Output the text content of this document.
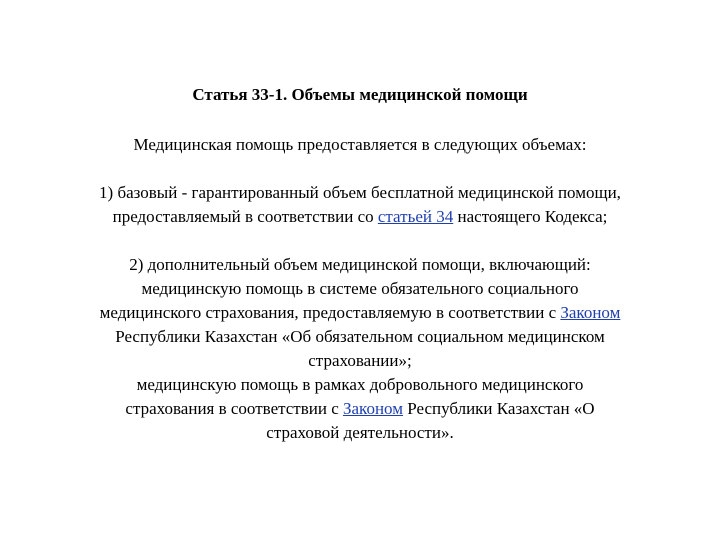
Статья 33-1. Объемы медицинской помощи

Медицинская помощь предоставляется в следующих объемах:

1) базовый - гарантированный объем бесплатной медицинской помощи,
предоставляемый в соответствии со статьей 34 настоящего Кодекса;

2) дополнительный объем медицинской помощи, включающий:
медицинскую помощь в системе обязательного социального
медицинского страхования, предоставляемую в соответствии с Законом
Республики Казахстан «Об обязательном социальном медицинском
страховании»;

медицинскую помощь в рамках добровольного медицинского
страхования в соответствии с Законом Республики Казахстан «О
страховой деятельности».
